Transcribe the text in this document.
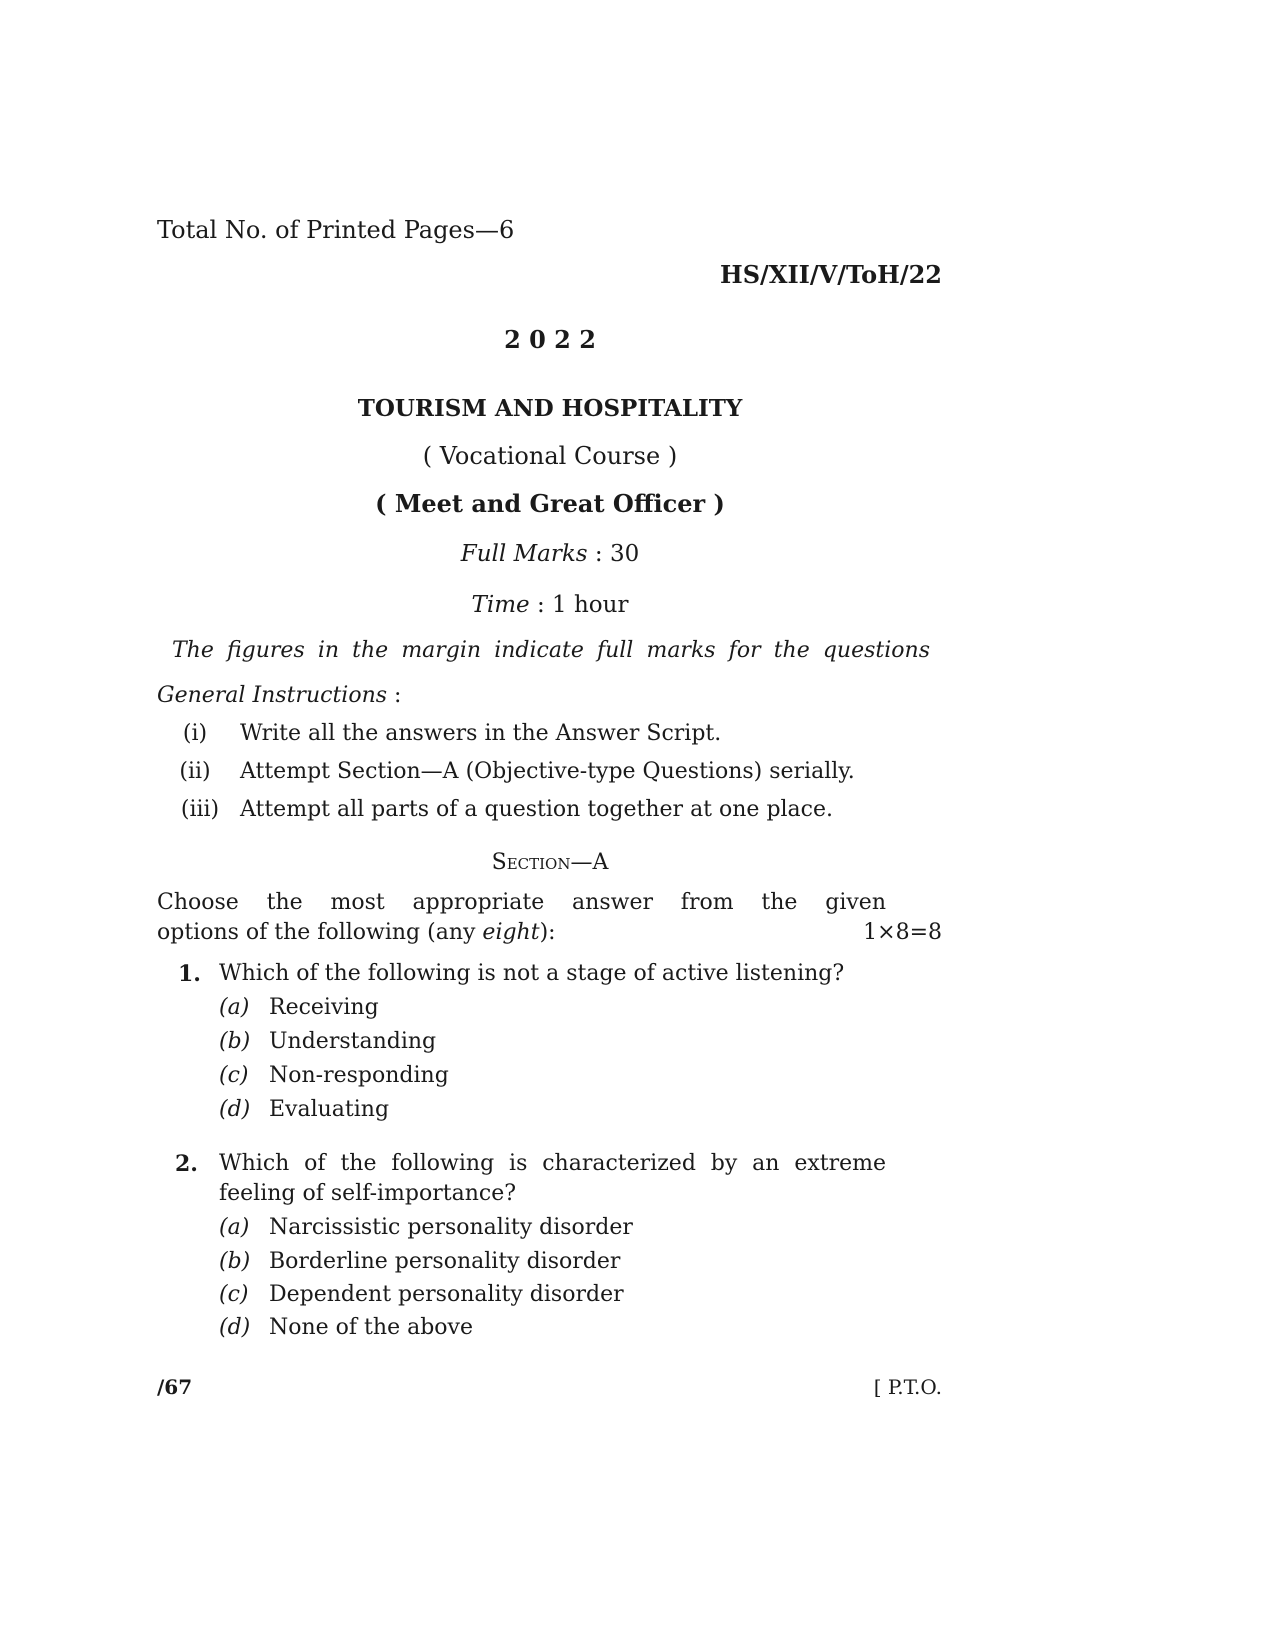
Total No. of Printed Pages—6
HS/XII/V/ToH/22
2 0 2 2
TOURISM AND HOSPITALITY
( Vocational Course )
( Meet and Great Officer )
Full Marks : 30
Time : 1 hour
The figures in the margin indicate full marks for the questions
General Instructions :
(i)	Write all the answers in the Answer Script.
(ii) Attempt Section—A (Objective-type Questions) serially.
(iii) Attempt all parts of a question together at one place.
Section—A
Choose the most appropriate answer from the given
options of the following (any eight):	1×8=8
1. Which of the following is not a stage of active listening?
(a) Receiving
(b) Understanding
(c) Non-responding
(d) Evaluating
2. Which of the following is characterized by an extreme
feeling of self-importance?
(a) Narcissistic personality disorder
(b) Borderline personality disorder
(c) Dependent personality disorder
(d) None of the above
/67	[ P.T.O.
